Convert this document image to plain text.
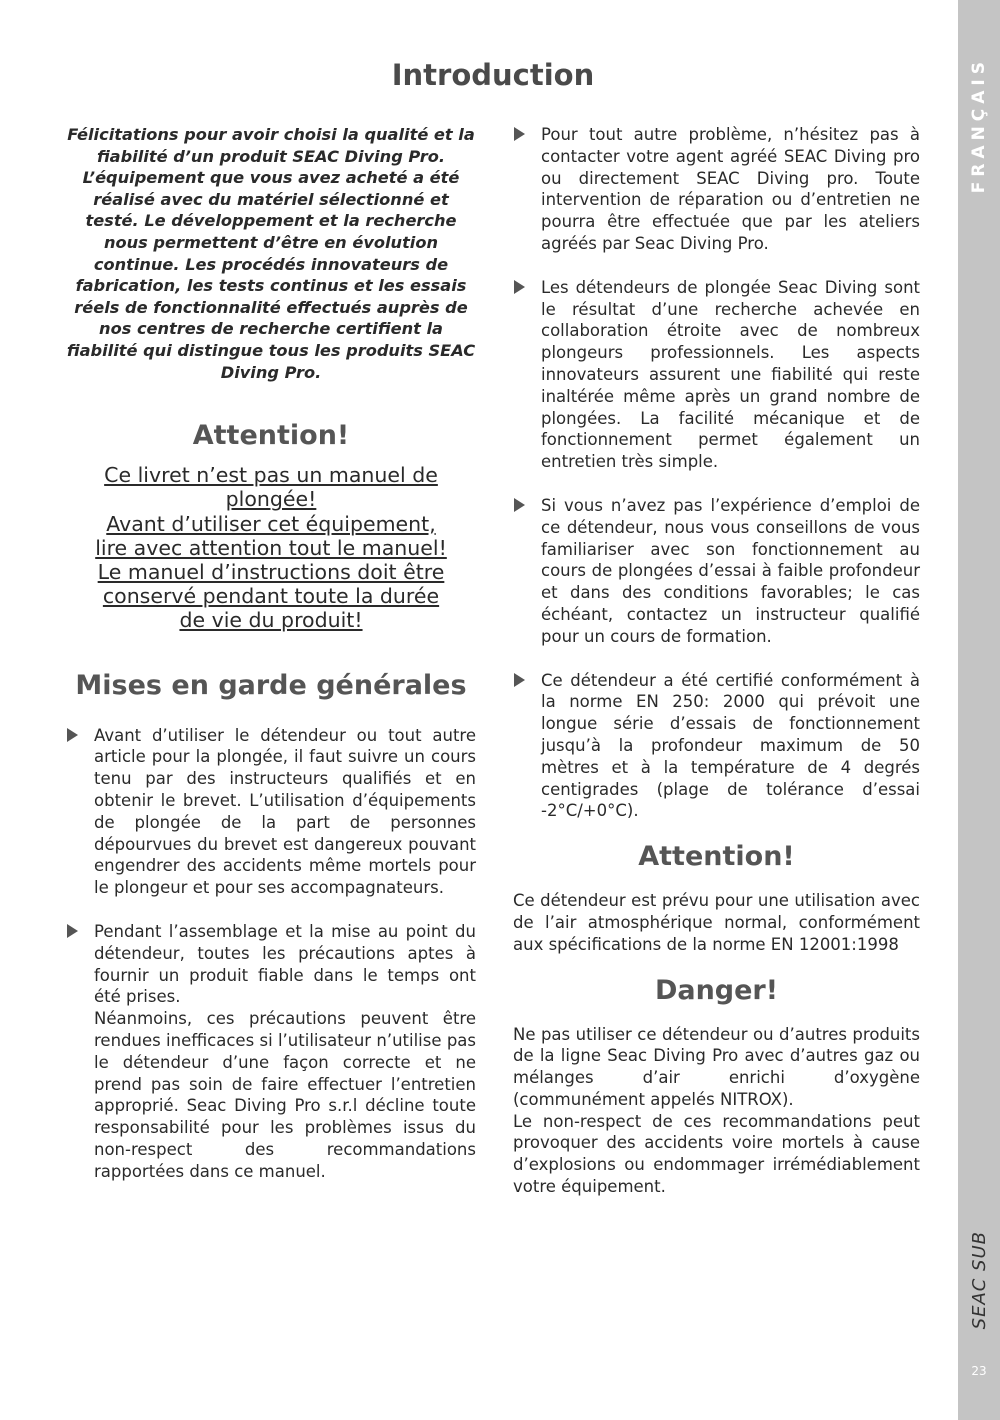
Introduction

Félicitations pour avoir choisi la qualité et la fiabilité d’un produit SEAC Diving Pro. L’équipement que vous avez acheté a été réalisé avec du matériel sélectionné et testé. Le développement et la recherche nous permettent d’être en évolution continue. Les procédés innovateurs de fabrication, les tests continus et les essais réels de fonctionnalité effectués auprès de nos centres de recherche certifient la fiabilité qui distingue tous les produits SEAC Diving Pro.

Attention!
Ce livret n’est pas un manuel de
plongée!
Avant d’utiliser cet équipement,
lire avec attention tout le manuel!
Le manuel d’instructions doit être
conservé pendant toute la durée
de vie du produit!
Mises en garde générales

Avant d’utiliser le détendeur ou tout autre article pour la plongée, il faut suivre un cours tenu par des instructeurs qualifiés et en obtenir le brevet. L’utilisation d’équipements de plongée de la part de personnes dépourvues du brevet est dangereux pouvant engendrer des accidents même mortels pour le plongeur et pour ses accompagnateurs.

Pendant l’assemblage et la mise au point du détendeur, toutes les précautions aptes à fournir un produit fiable dans le temps ont été prises.

Néanmoins, ces précautions peuvent être rendues inefficaces si l’utilisateur n’utilise pas le détendeur d’une façon correcte et ne prend pas soin de faire effectuer l’entretien approprié. Seac Diving Pro s.r.l décline toute responsabilité pour les problèmes issus du non-respect des recommandations rapportées dans ce manuel.

Pour tout autre problème, n’hésitez pas à contacter votre agent agréé SEAC Diving pro ou directement SEAC Diving pro. Toute intervention de réparation ou d’entretien ne pourra être effectuée que par les ateliers agréés par Seac Diving Pro.

Les détendeurs de plongée Seac Diving sont le résultat d’une recherche achevée en collaboration étroite avec de nombreux plongeurs professionnels. Les aspects innovateurs assurent une fiabilité qui reste inaltérée même après un grand nombre de plongées. La facilité mécanique et de fonctionnement permet également un entretien très simple.

Si vous n’avez pas l’expérience d’emploi de ce détendeur, nous vous conseillons de vous familiariser avec son fonctionnement au cours de plongées d’essai à faible profondeur et dans des conditions favorables; le cas échéant, contactez un instructeur qualifié pour un cours de formation.

Ce détendeur a été certifié conformément à la norme EN 250: 2000 qui prévoit une longue série d’essais de fonctionnement jusqu’à la profondeur maximum de 50 mètres et à la température de 4 degrés centigrades (plage de tolérance d’essai -2°C/+0°C).

Attention!

Ce détendeur est prévu pour une utilisation avec de l’air atmosphérique normal, conformément aux spécifications de la norme EN 12001:1998

Danger!

Ne pas utiliser ce détendeur ou d’autres produits de la ligne Seac Diving Pro avec d’autres gaz ou mélanges d’air enrichi d’oxygène (communément appelés NITROX).

Le non-respect de ces recommandations peut provoquer des accidents voire mortels à cause d’explosions ou endommager irrémédiablement votre équipement.

FRANÇAIS
SEAC SUB
23
